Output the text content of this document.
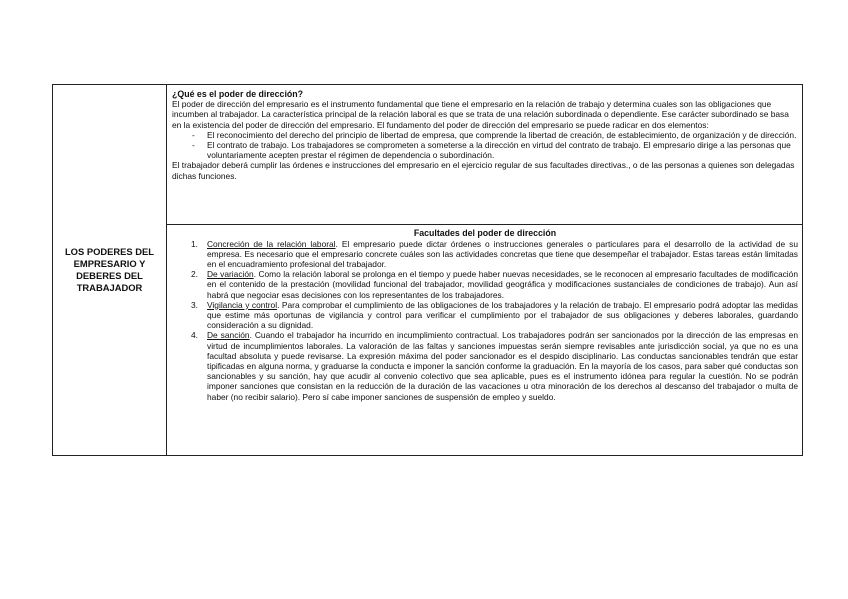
LOS PODERES DEL EMPRESARIO Y DEBERES DEL TRABAJADOR
¿Qué es el poder de dirección?
El poder de dirección del empresario es el instrumento fundamental que tiene el empresario en la relación de trabajo y determina cuales son las obligaciones que incumben al trabajador. La característica principal de la relación laboral es que se trata de una relación subordinada o dependiente. Ese carácter subordinado se basa en la existencia del poder de dirección del empresario. El fundamento del poder de dirección del empresario se puede radicar en dos elementos:
- El reconocimiento del derecho del principio de libertad de empresa, que comprende la libertad de creación, de establecimiento, de organización y de dirección.
- El contrato de trabajo. Los trabajadores se comprometen a someterse a la dirección en virtud del contrato de trabajo. El empresario dirige a las personas que voluntariamente acepten prestar el régimen de dependencia o subordinación.
El trabajador deberá cumplir las órdenes e instrucciones del empresario en el ejercicio regular de sus facultades directivas., o de las personas a quienes son delegadas dichas funciones.
Facultades del poder de dirección
1. Concreción de la relación laboral. El empresario puede dictar órdenes o instrucciones generales o particulares para el desarrollo de la actividad de su empresa. Es necesario que el empresario concrete cuáles son las actividades concretas que tiene que desempeñar el trabajador. Estas tareas están limitadas en el encuadramiento profesional del trabajador.
2. De variación. Como la relación laboral se prolonga en el tiempo y puede haber nuevas necesidades, se le reconocen al empresario facultades de modificación en el contenido de la prestación (movilidad funcional del trabajador, movilidad geográfica y modificaciones sustanciales de condiciones de trabajo). Aun así habrá que negociar esas decisiones con los representantes de los trabajadores.
3. Vigilancia y control. Para comprobar el cumplimiento de las obligaciones de los trabajadores y la relación de trabajo. El empresario podrá adoptar las medidas que estime más oportunas de vigilancia y control para verificar el cumplimiento por el trabajador de sus obligaciones y deberes laborales, guardando consideración a su dignidad.
4. De sanción. Cuando el trabajador ha incurrido en incumplimiento contractual. Los trabajadores podrán ser sancionados por la dirección de las empresas en virtud de incumplimientos laborales. La valoración de las faltas y sanciones impuestas serán siempre revisables ante jurisdicción social, ya que no es una facultad absoluta y puede revisarse. La expresión máxima del poder sancionador es el despido disciplinario. Las conductas sancionables tendrán que estar tipificadas en alguna norma, y graduarse la conducta e imponer la sanción conforme la graduación. En la mayoría de los casos, para saber qué conductas son sancionables y su sanción, hay que acudir al convenio colectivo que sea aplicable, pues es el instrumento idónea para regular la cuestión. No se podrán imponer sanciones que consistan en la reducción de la duración de las vacaciones u otra minoración de los derechos al descanso del trabajador o multa de haber (no recibir salario). Pero sí cabe imponer sanciones de suspensión de empleo y sueldo.
